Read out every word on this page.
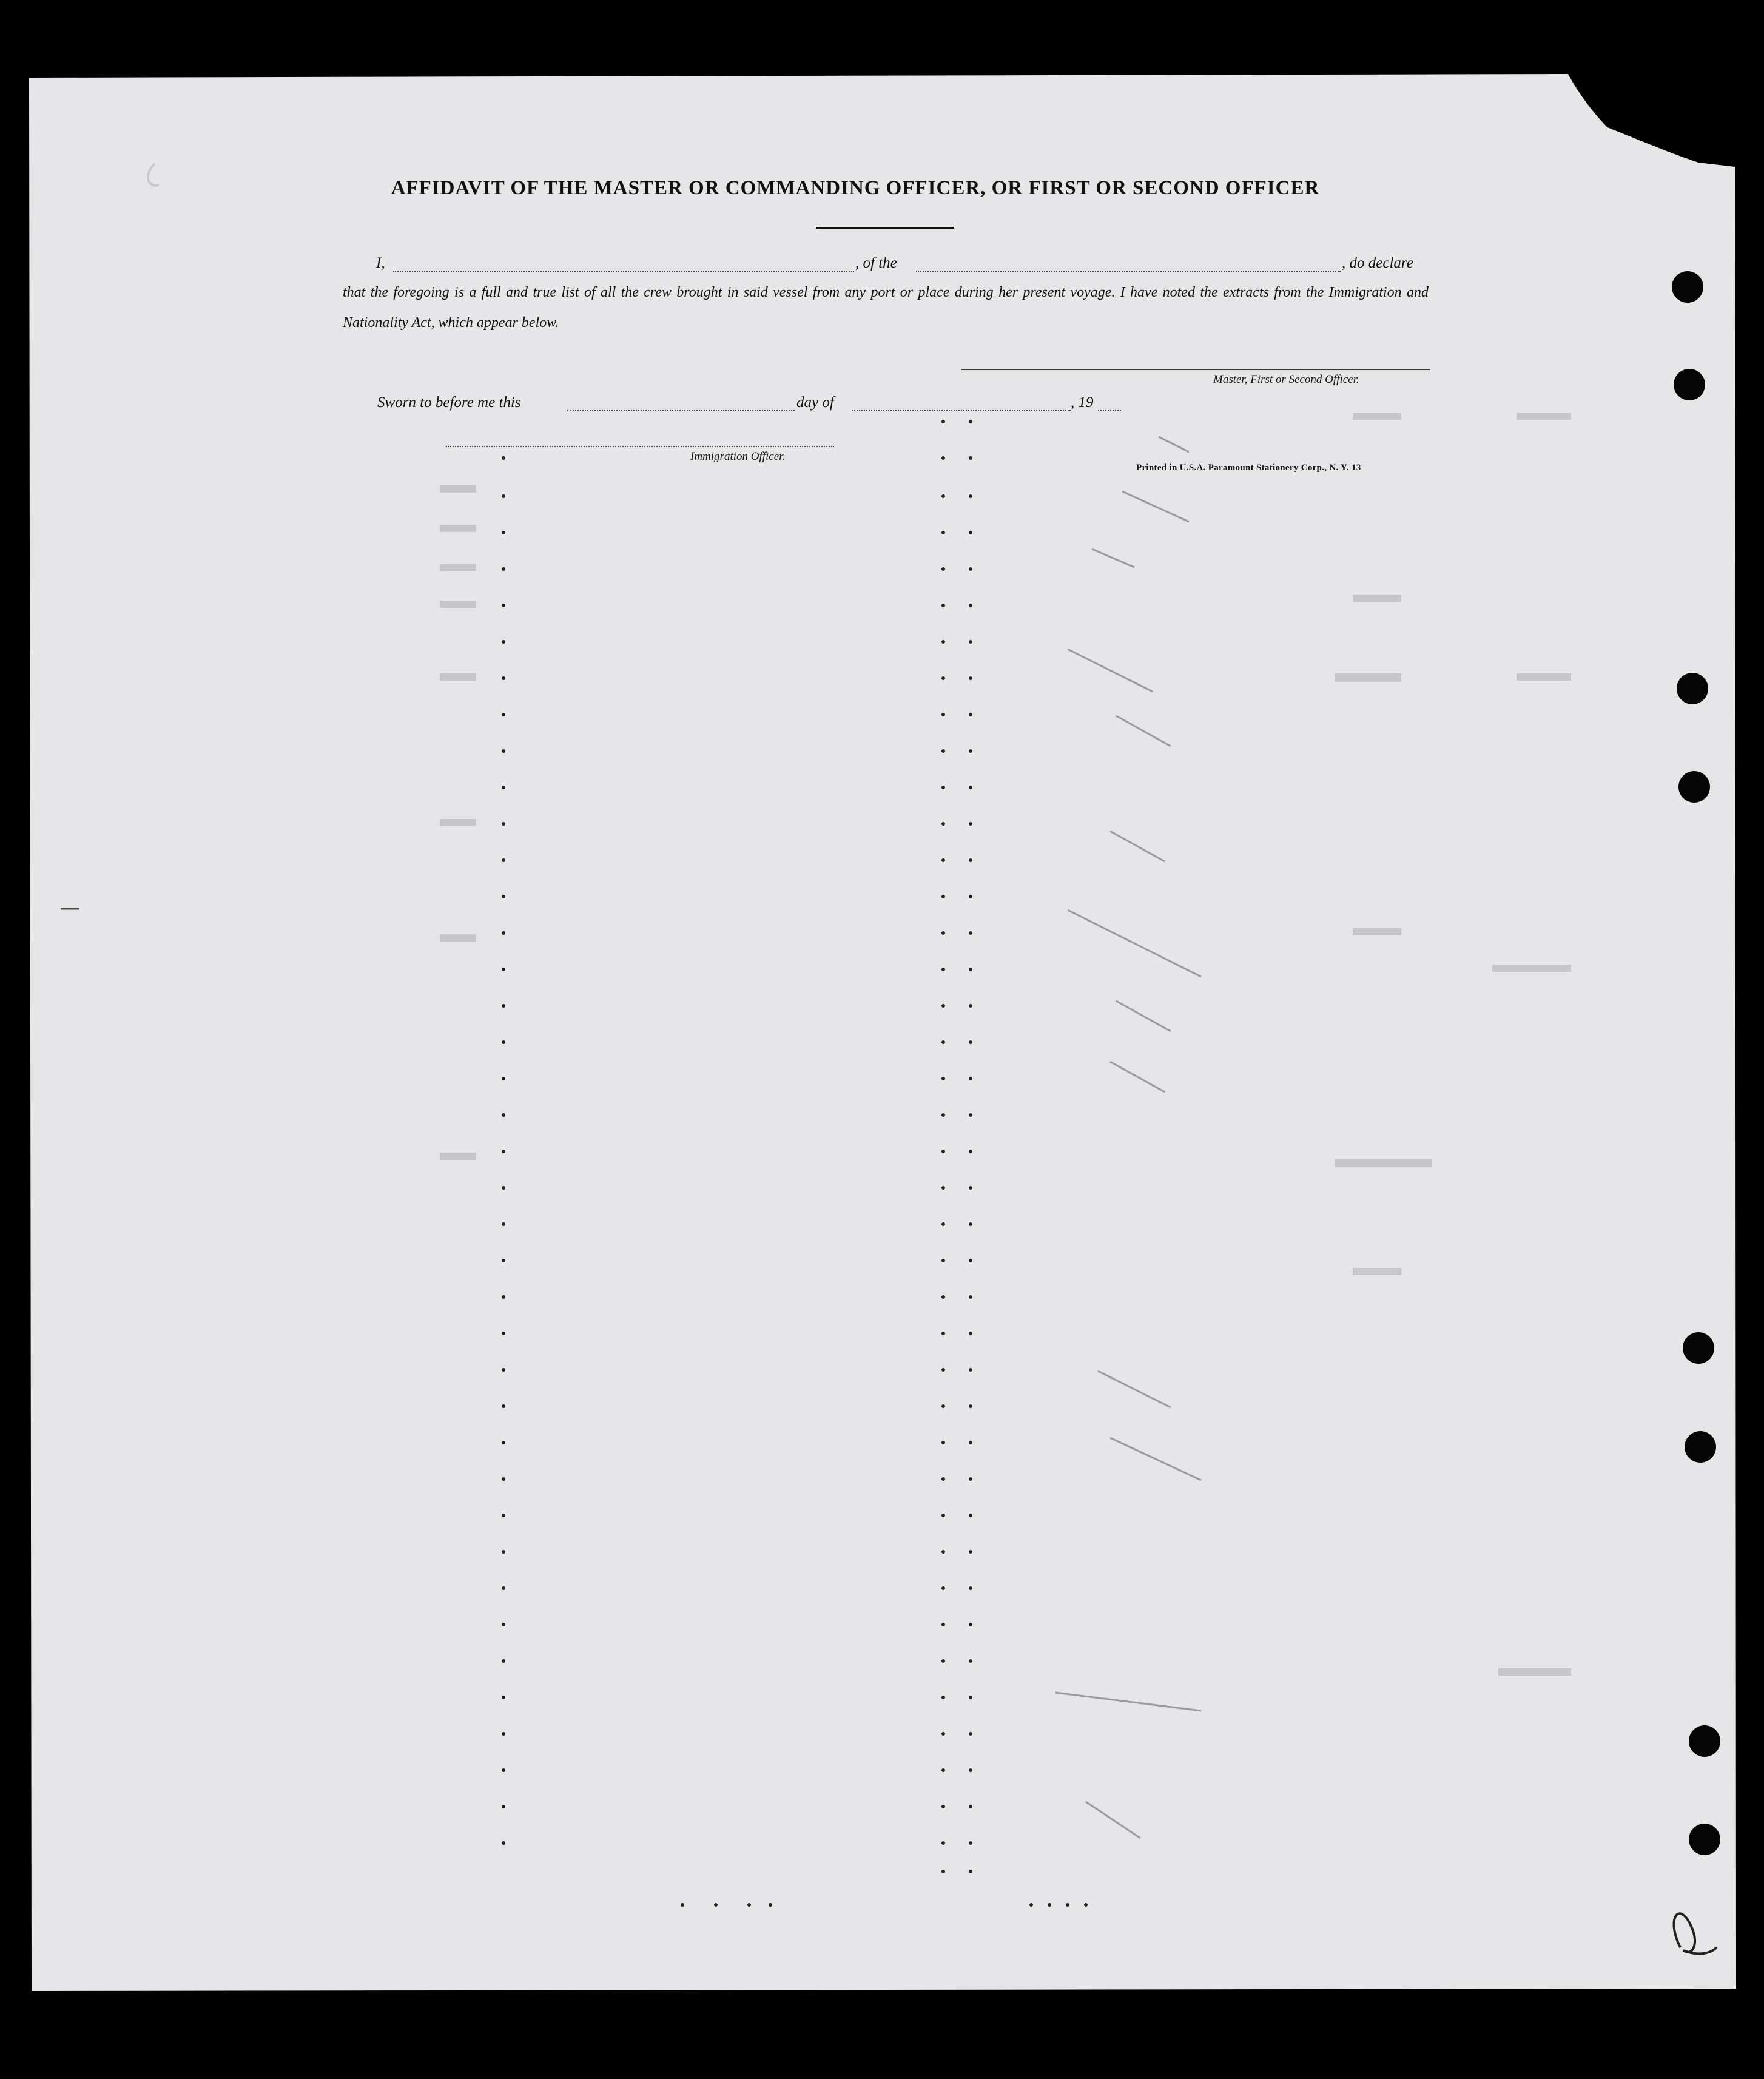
AFFIDAVIT OF THE MASTER OR COMMANDING OFFICER, OR FIRST OR SECOND OFFICER
I,	, of the	, do declare
that the foregoing is a full and true list of all the crew brought in said vessel from any port or place during her present voyage. I have noted the extracts from the Immigration and Nationality Act, which appear below.
Master, First or Second Officer.
Sworn to before me this	day of	, 19
Immigration Officer.
Printed in U.S.A. Paramount Stationery Corp., N. Y. 13
